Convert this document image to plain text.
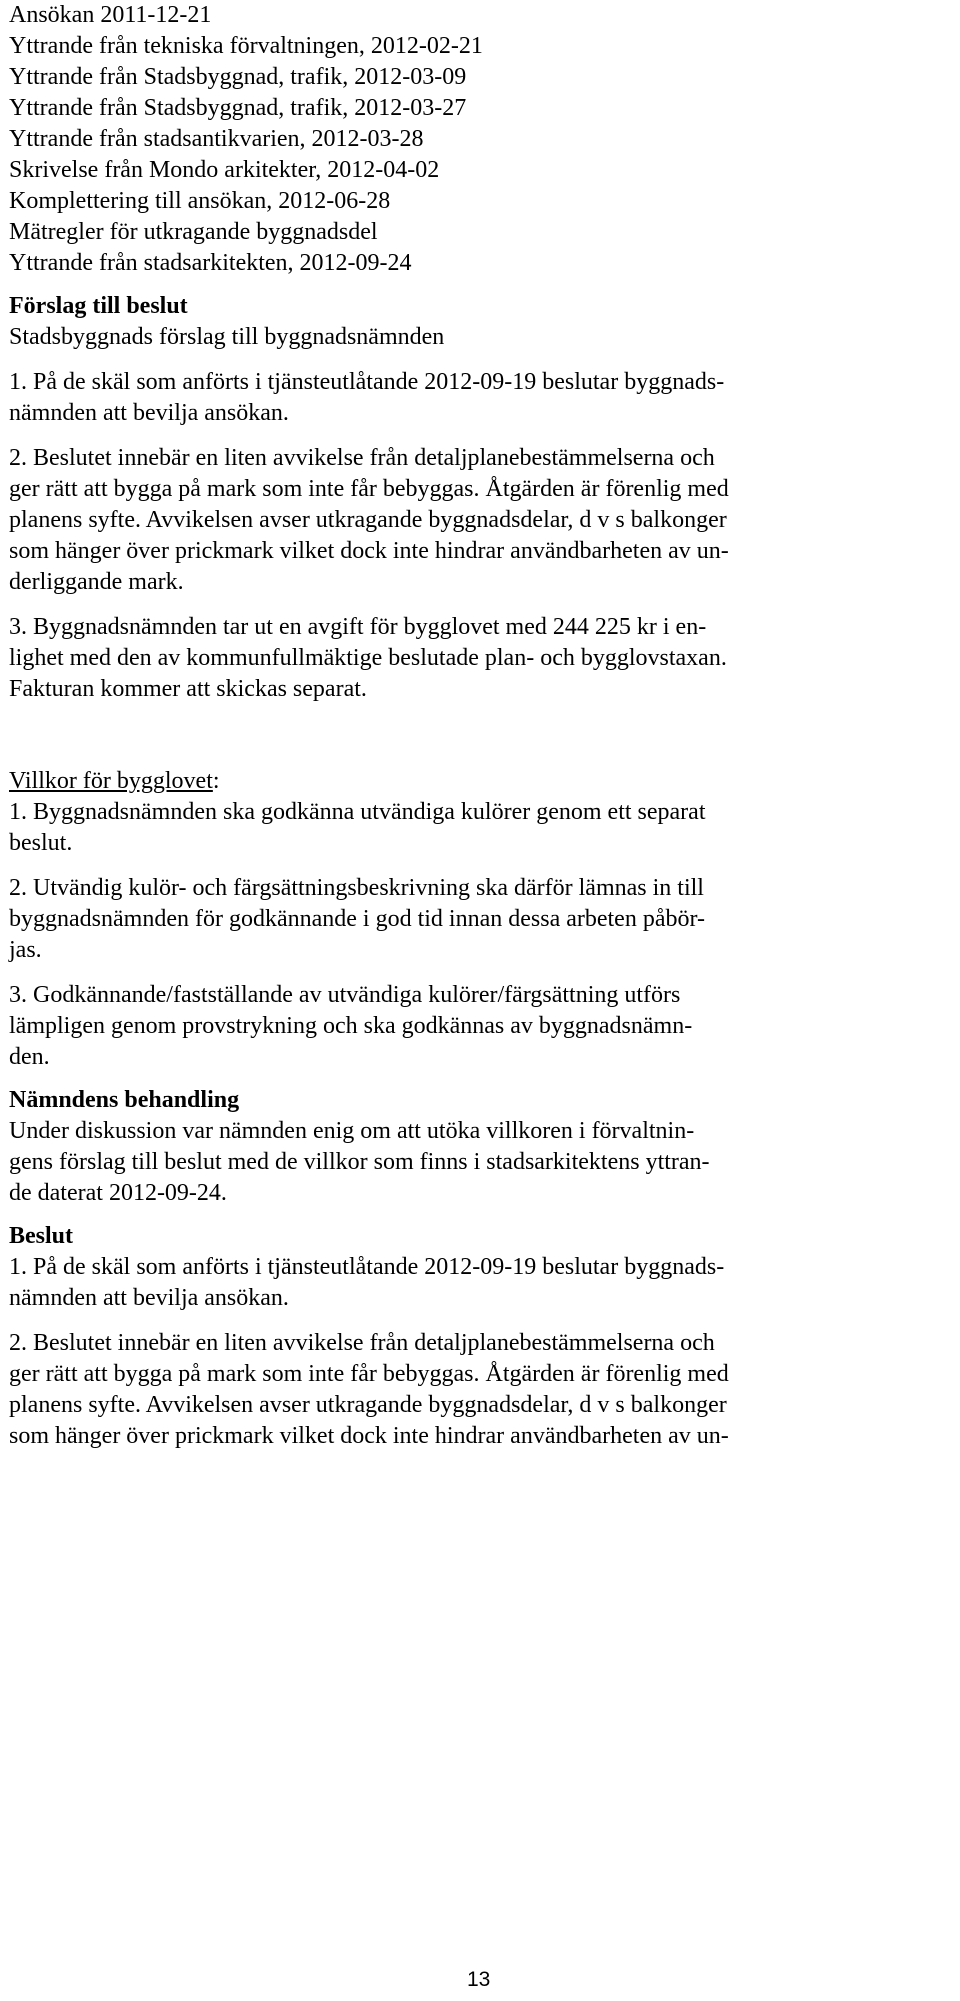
Ansökan 2011-12-21

Yttrande från tekniska förvaltningen, 2012-02-21

Yttrande från Stadsbyggnad, trafik, 2012-03-09

Yttrande från Stadsbyggnad, trafik, 2012-03-27

Yttrande från stadsantikvarien, 2012-03-28

Skrivelse från Mondo arkitekter, 2012-04-02

Komplettering till ansökan, 2012-06-28

Mätregler för utkragande byggnadsdel

Yttrande från stadsarkitekten, 2012-09-24

Förslag till beslut

Stadsbyggnads förslag till byggnadsnämnden

1. På de skäl som anförts i tjänsteutlåtande 2012-09-19 beslutar byggnads-

nämnden att bevilja ansökan.

2. Beslutet innebär en liten avvikelse från detaljplanebestämmelserna och

ger rätt att bygga på mark som inte får bebyggas. Åtgärden är förenlig med

planens syfte. Avvikelsen avser utkragande byggnadsdelar, d v s balkonger

som hänger över prickmark vilket dock inte hindrar användbarheten av un-

derliggande mark.

3. Byggnadsnämnden tar ut en avgift för bygglovet med 244 225 kr i en-

lighet med den av kommunfullmäktige beslutade plan- och bygglovstaxan.

Fakturan kommer att skickas separat.

Villkor för bygglovet:

1. Byggnadsnämnden ska godkänna utvändiga kulörer genom ett separat

beslut.

2. Utvändig kulör- och färgsättningsbeskrivning ska därför lämnas in till

byggnadsnämnden för godkännande i god tid innan dessa arbeten påbör-

jas.

3. Godkännande/fastställande av utvändiga kulörer/färgsättning utförs

lämpligen genom provstrykning och ska godkännas av byggnadsnämn-

den.

Nämndens behandling

Under diskussion var nämnden enig om att utöka villkoren i förvaltnin-

gens förslag till beslut med de villkor som finns i stadsarkitektens yttran-

de daterat 2012-09-24.

Beslut

1. På de skäl som anförts i tjänsteutlåtande 2012-09-19 beslutar byggnads-

nämnden att bevilja ansökan.

2. Beslutet innebär en liten avvikelse från detaljplanebestämmelserna och

ger rätt att bygga på mark som inte får bebyggas. Åtgärden är förenlig med

planens syfte. Avvikelsen avser utkragande byggnadsdelar, d v s balkonger

som hänger över prickmark vilket dock inte hindrar användbarheten av un-

13
